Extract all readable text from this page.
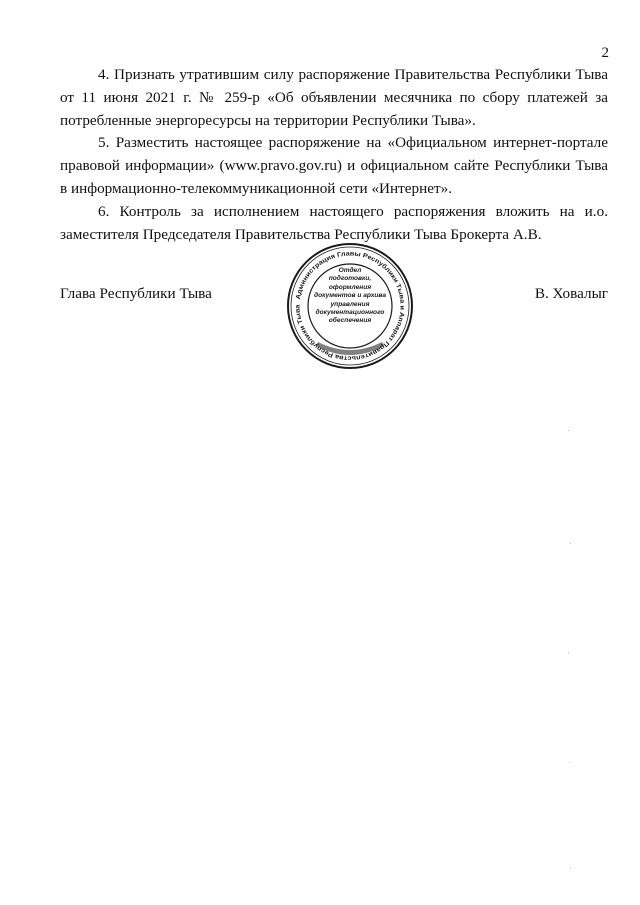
2

4. Признать утратившим силу распоряжение Правительства Республики Тыва от 11 июня 2021 г. № 259-р «Об объявлении месячника по сбору платежей за потребленные энергоресурсы на территории Республики Тыва».

5. Разместить настоящее распоряжение на «Официальном интернет-портале правовой информации» (www.pravo.gov.ru) и официальном сайте Республики Тыва в информационно-телекоммуникационной сети «Интернет».

6. Контроль за исполнением настоящего распоряжения вложить на и.о. заместителя Председателя Правительства Республики Тыва Брокерта А.В.

Глава Республики Тыва	Администрация Главы Республики Тыва и Аппарат П авительства Республики Тыва
Отдел
подготовки,
оформления
документов и архива
управления
документационного
обеспечения
В. Ховалыг
